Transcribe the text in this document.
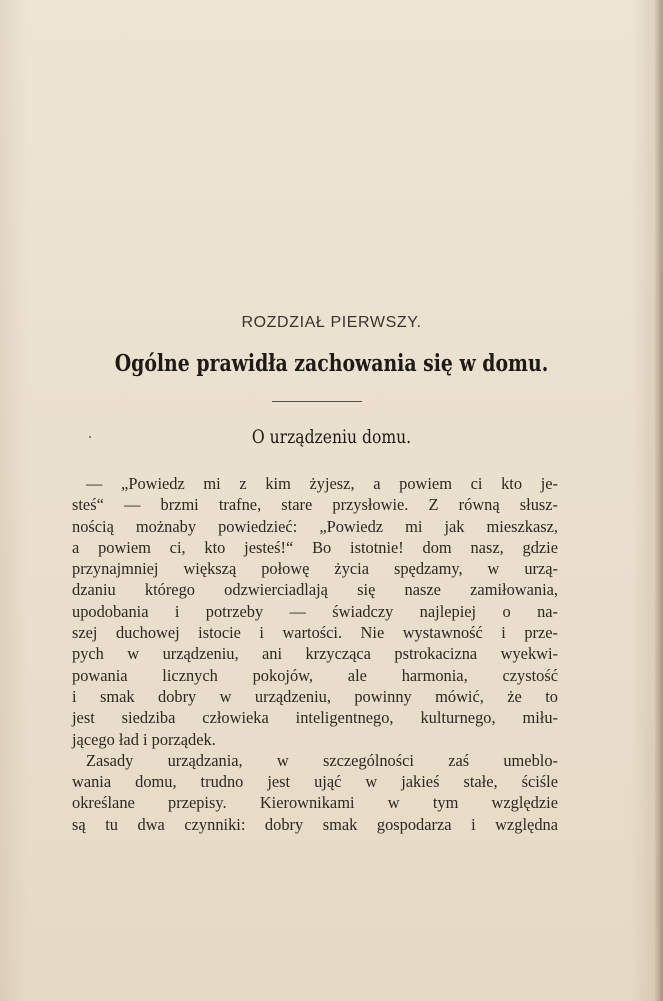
ROZDZIAŁ PIERWSZY.
Ogólne prawidła zachowania się w domu.
O urządzeniu domu.
— „Powiedz mi z kim żyjesz, a powiem ci kto je-
steś“ — brzmi trafne, stare przysłowie. Z równą słusz-
nością możnaby powiedzieć: „Powiedz mi jak mieszkasz,
a powiem ci, kto jesteś!“ Bo istotnie! dom nasz, gdzie
przynajmniej większą połowę życia spędzamy, w urzą-
dzaniu którego odzwierciadlają się nasze zamiłowania,
upodobania i potrzeby — świadczy najlepiej o na-
szej duchowej istocie i wartości. Nie wystawność i prze-
pych w urządzeniu, ani krzycząca pstrokacizna wyekwi-
powania licznych pokojów, ale harmonia, czystość
i smak dobry w urządzeniu, powinny mówić, że to
jest siedziba człowieka inteligentnego, kulturnego, miłu-
jącego ład i porządek.
Zasady urządzania, w szczególności zaś umeblo-
wania domu, trudno jest ująć w jakieś stałe, ściśle
określane przepisy. Kierownikami w tym względzie
są tu dwa czynniki: dobry smak gospodarza i względna
